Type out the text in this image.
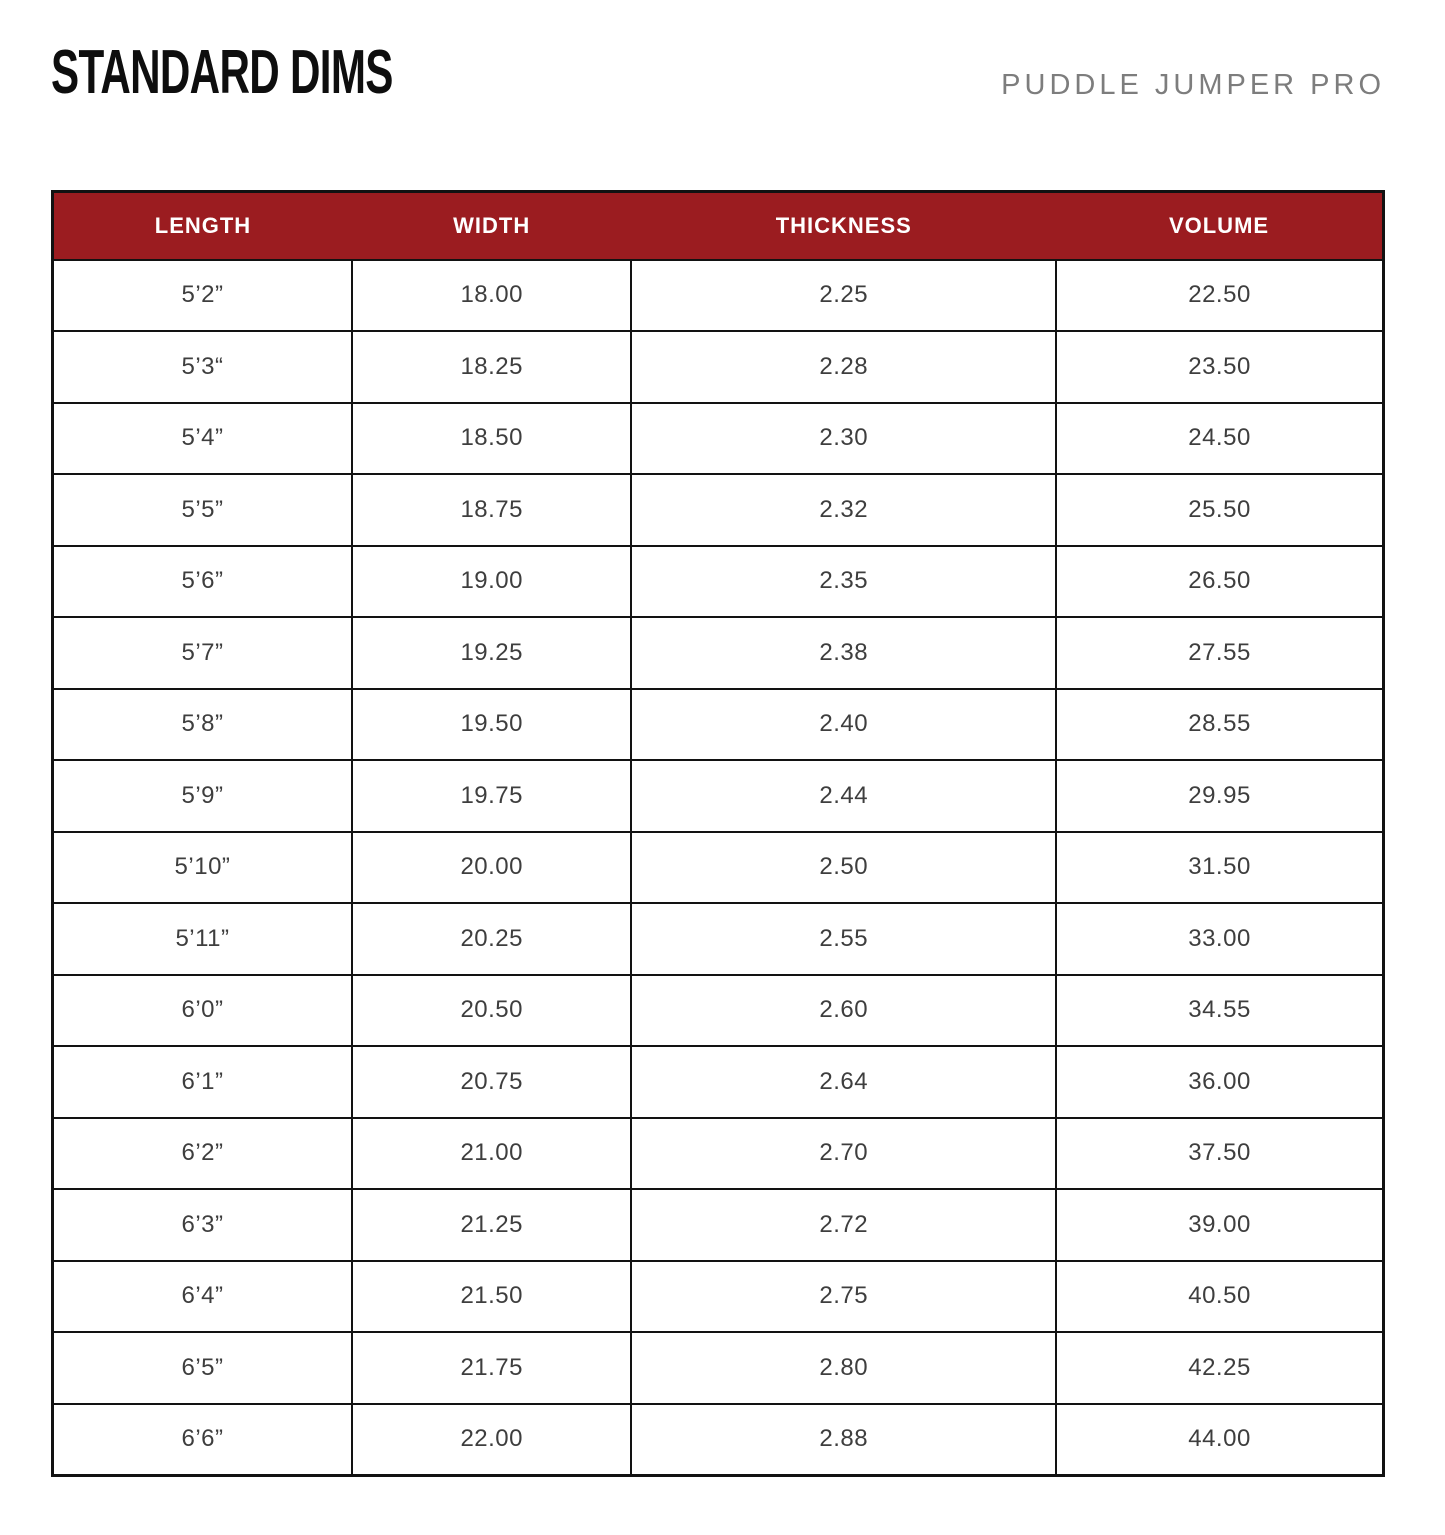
STANDARD DIMS	PUDDLE JUMPER PRO
LENGTH	WIDTH	THICKNESS	VOLUME
5’2”	18.00	2.25	22.50
5’3“	18.25	2.28	23.50
5’4”	18.50	2.30	24.50
5’5”	18.75	2.32	25.50
5’6”	19.00	2.35	26.50
5’7”	19.25	2.38	27.55
5’8”	19.50	2.40	28.55
5’9”	19.75	2.44	29.95
5’10”	20.00	2.50	31.50
5’11”	20.25	2.55	33.00
6’0”	20.50	2.60	34.55
6’1”	20.75	2.64	36.00
6’2”	21.00	2.70	37.50
6’3”	21.25	2.72	39.00
6’4”	21.50	2.75	40.50
6’5”	21.75	2.80	42.25
6’6”	22.00	2.88	44.00
